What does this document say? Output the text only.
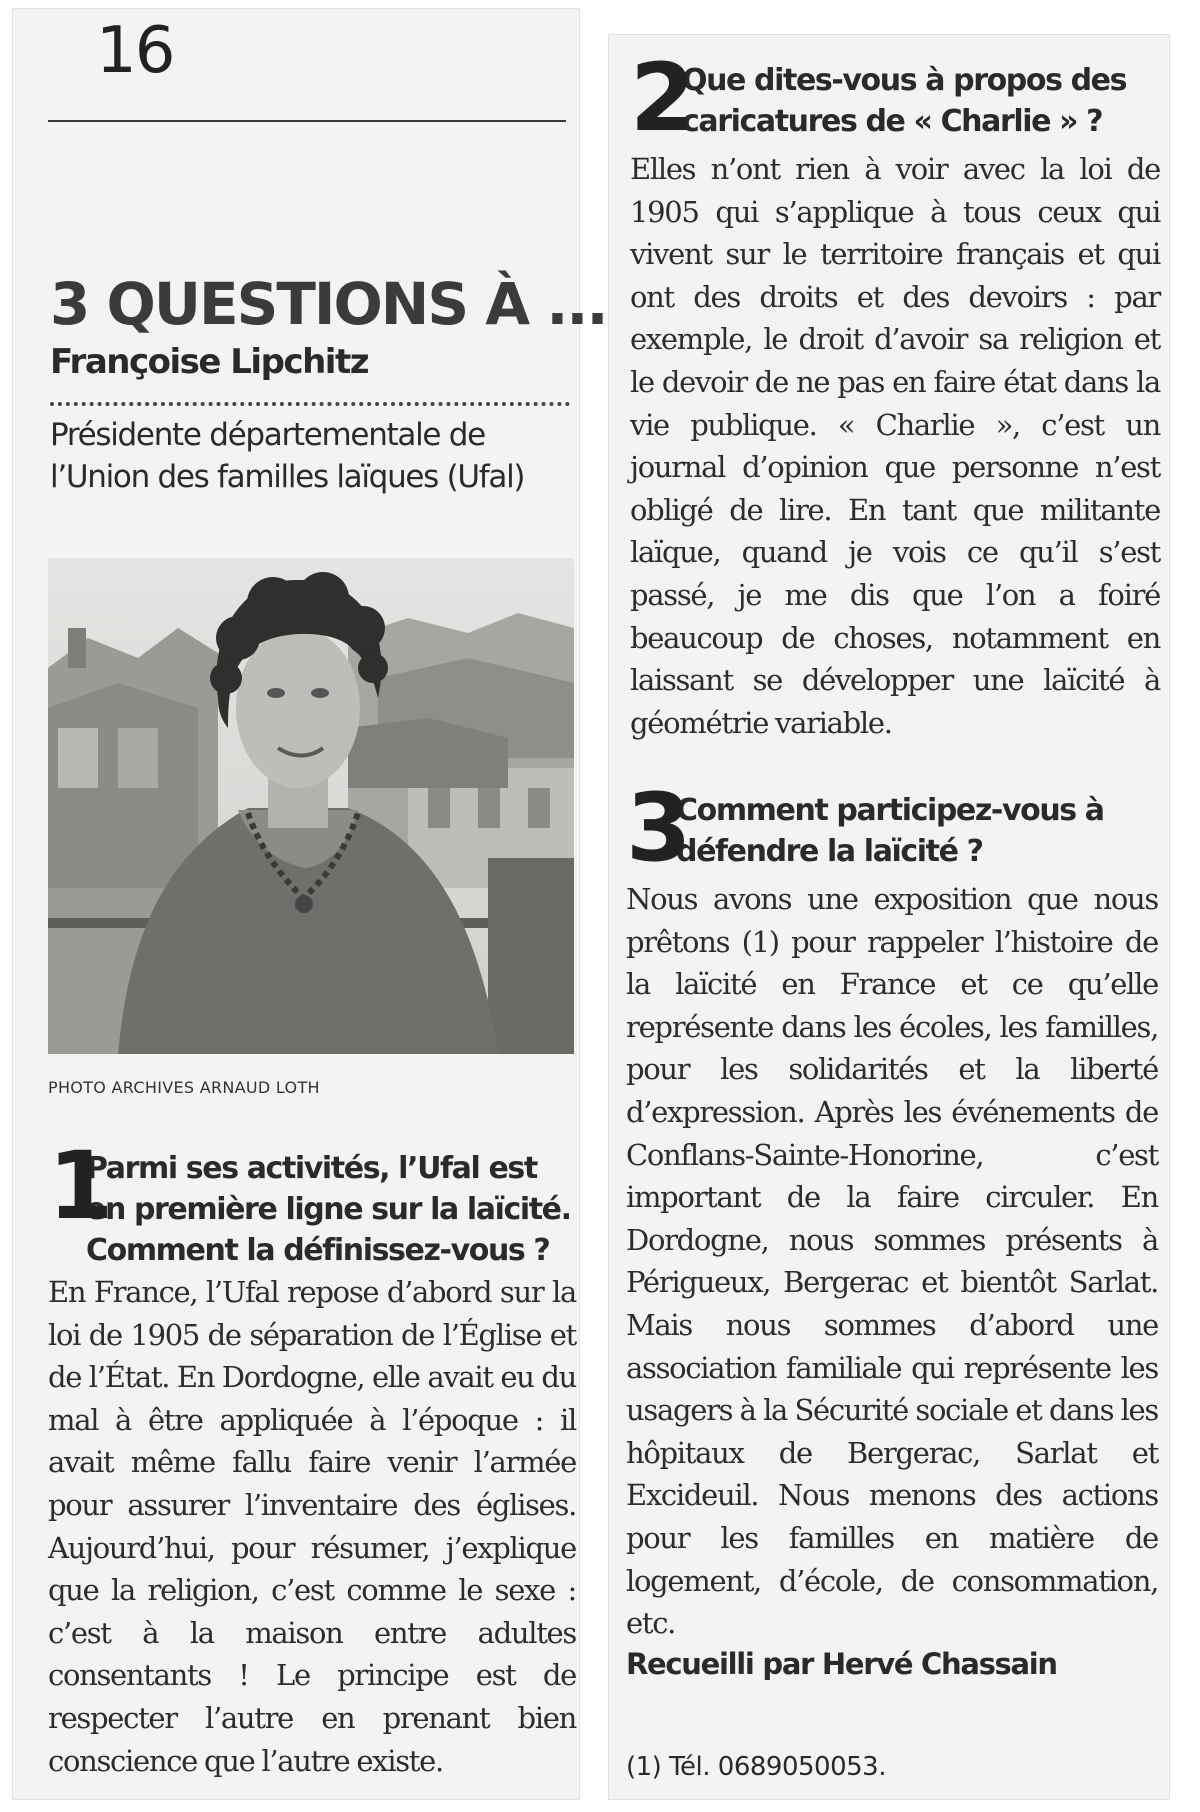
16
3 QUESTIONS À ...
Françoise Lipchitz
Présidente départementale de l’Union des familles laïques (Ufal)
PHOTO ARCHIVES ARNAUD LOTH
1
Parmi ses activités, l’Ufal est en première ligne sur la laïcité. Comment la définissez-vous ?

En France, l’Ufal repose d’abord sur la loi de 1905 de séparation de l’Église et de l’État. En Dordogne, elle avait eu du mal à être appliquée à l’époque : il avait même fallu faire venir l’armée pour assurer l’inventaire des églises. Aujourd’hui, pour résumer, j’explique que la religion, c’est comme le sexe : c’est à la maison entre adultes consentants ! Le principe est de respecter l’autre en prenant bien conscience que l’autre existe.

2
Que dites-vous à propos des caricatures de « Charlie » ?

Elles n’ont rien à voir avec la loi de 1905 qui s’applique à tous ceux qui vivent sur le territoire français et qui ont des droits et des devoirs : par exemple, le droit d’avoir sa religion et le devoir de ne pas en faire état dans la vie publique. « Charlie », c’est un journal d’opinion que personne n’est obligé de lire. En tant que militante laïque, quand je vois ce qu’il s’est passé, je me dis que l’on a foiré beaucoup de choses, notamment en laissant se développer une laïcité à géométrie variable.

3
Comment participez-vous à défendre la laïcité ?

Nous avons une exposition que nous prêtons (1) pour rappeler l’histoire de la laïcité en France et ce qu’elle représente dans les écoles, les familles, pour les solidarités et la liberté d’expression. Après les événements de Conflans-Sainte-Honorine, c’est important de la faire circuler. En Dordogne, nous sommes présents à Périgueux, Bergerac et bientôt Sarlat. Mais nous sommes d’abord une association familiale qui représente les usagers à la Sécurité sociale et dans les hôpitaux de Bergerac, Sarlat et Excideuil. Nous menons des actions pour les familles en matière de logement, d’école, de consommation, etc.

Recueilli par Hervé Chassain
(1) Tél. 0689050053.
